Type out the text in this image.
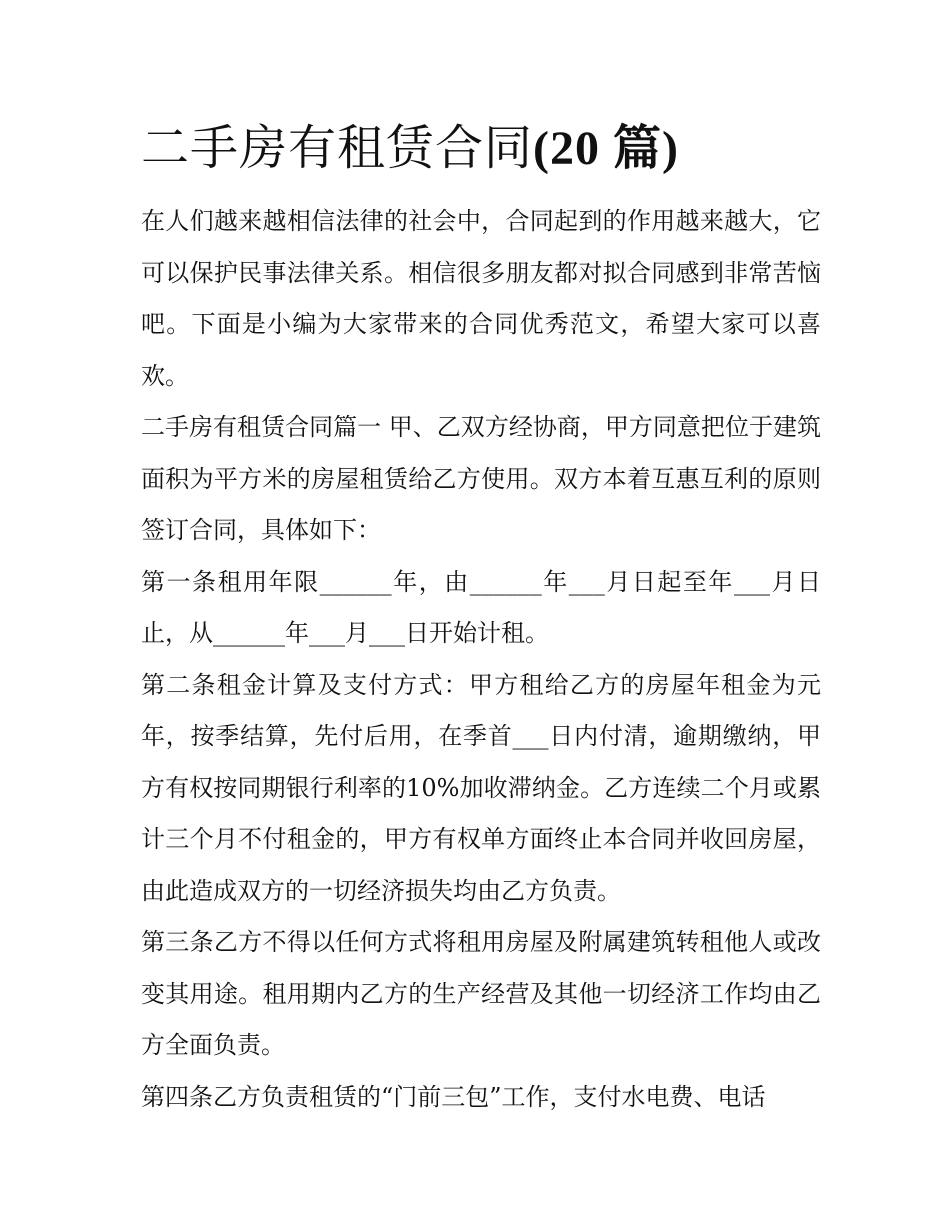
二手房有租赁合同(20 篇)

在人们越来越相信法律的社会中，合同起到的作用越来越大，它可以保护民事法律关系。相信很多朋友都对拟合同感到非常苦恼吧。下面是小编为大家带来的合同优秀范文，希望大家可以喜欢。

二手房有租赁合同篇一 甲、乙双方经协商，甲方同意把位于建筑面积为平方米的房屋租赁给乙方使用。双方本着互惠互利的原则签订合同，具体如下：

第一条租用年限______年，由______年___月日起至年___月日止，从______年___月___日开始计租。

第二条租金计算及支付方式：甲方租给乙方的房屋年租金为元年，按季结算，先付后用，在季首___日内付清，逾期缴纳，甲方有权按同期银行利率的10%加收滞纳金。乙方连续二个月或累计三个月不付租金的，甲方有权单方面终止本合同并收回房屋，由此造成双方的一切经济损失均由乙方负责。

第三条乙方不得以任何方式将租用房屋及附属建筑转租他人或改变其用途。租用期内乙方的生产经营及其他一切经济工作均由乙方全面负责。

第四条乙方负责租赁的“门前三包”工作，支付水电费、电话
